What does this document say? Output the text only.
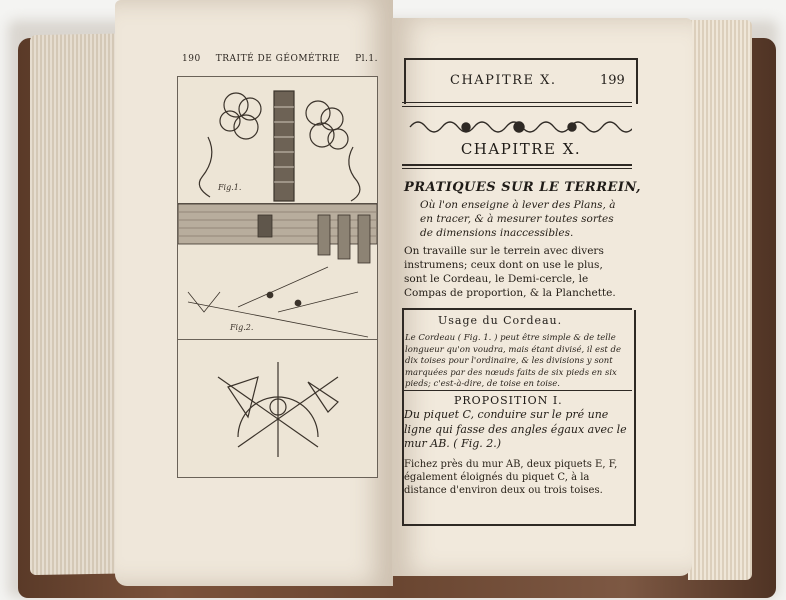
190 TRAITÉ DE GÉOMÉTRIE Pl.1.
Fig.1.
Fig.2.
CHAPITRE X.	199
CHAPITRE X.
PRATIQUES SUR LE TERREIN,
Où l'on enseigne à lever des Plans, à en tracer, & à mesurer toutes sortes de dimensions inaccessibles.
On travaille sur le terrein avec divers instrumens; ceux dont on use le plus, sont le Cordeau, le Demi-cercle, le Compas de proportion, & la Planchette.
Usage du Cordeau.
Le Cordeau ( Fig. 1. ) peut être simple & de telle longueur qu'on voudra, mais étant divisé, il est de dix toises pour l'ordinaire, & les divisions y sont marquées par des nœuds faits de six pieds en six pieds; c'est-à-dire, de toise en toise.
PROPOSITION I.
Du piquet C, conduire sur le pré une ligne qui fasse des angles égaux avec le mur AB. ( Fig. 2.)
Fichez près du mur AB, deux piquets E, F, également éloignés du piquet C, à la distance d'environ deux ou trois toises.
